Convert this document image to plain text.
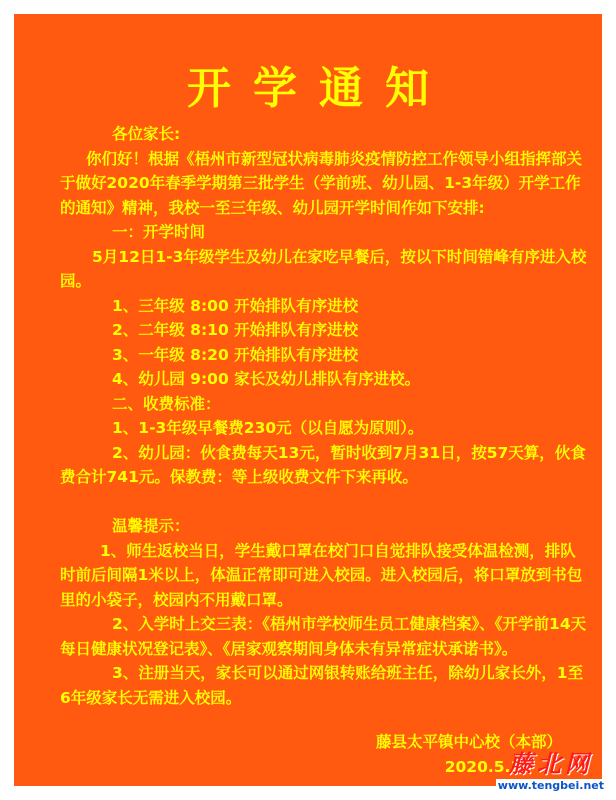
开学通知

各位家长:

你们好！根据《梧州市新型冠状病毒肺炎疫情防控工作领导小组指挥部关于做好2020年春季学期第三批学生（学前班、幼儿园、1-3年级）开学工作的通知》精神，我校一至三年级、幼儿园开学时间作如下安排:

一：开学时间

5月12日1-3年级学生及幼儿在家吃早餐后，按以下时间错峰有序进入校园。

1、三年级 8:00 开始排队有序进校

2、二年级 8:10 开始排队有序进校

3、一年级 8:20 开始排队有序进校

4、幼儿园 9:00 家长及幼儿排队有序进校。

二、收费标准：

1、1-3年级早餐费230元（以自愿为原则）。

2、幼儿园：伙食费每天13元，暂时收到7月31日，按57天算，伙食费合计741元。保教费：等上级收费文件下来再收。

温馨提示：

1、师生返校当日，学生戴口罩在校门口自觉排队接受体温检测，排队时前后间隔1米以上，体温正常即可进入校园。进入校园后，将口罩放到书包里的小袋子，校园内不用戴口罩。

2、入学时上交三表：《梧州市学校师生员工健康档案》、《开学前14天每日健康状况登记表》、《居家观察期间身体未有异常症状承诺书》。

3、注册当天，家长可以通过网银转账给班主任，除幼儿家长外，1至6年级家长无需进入校园。

藤县太平镇中心校（本部）
2020.5.10
藤北网
www.tengbei.net
